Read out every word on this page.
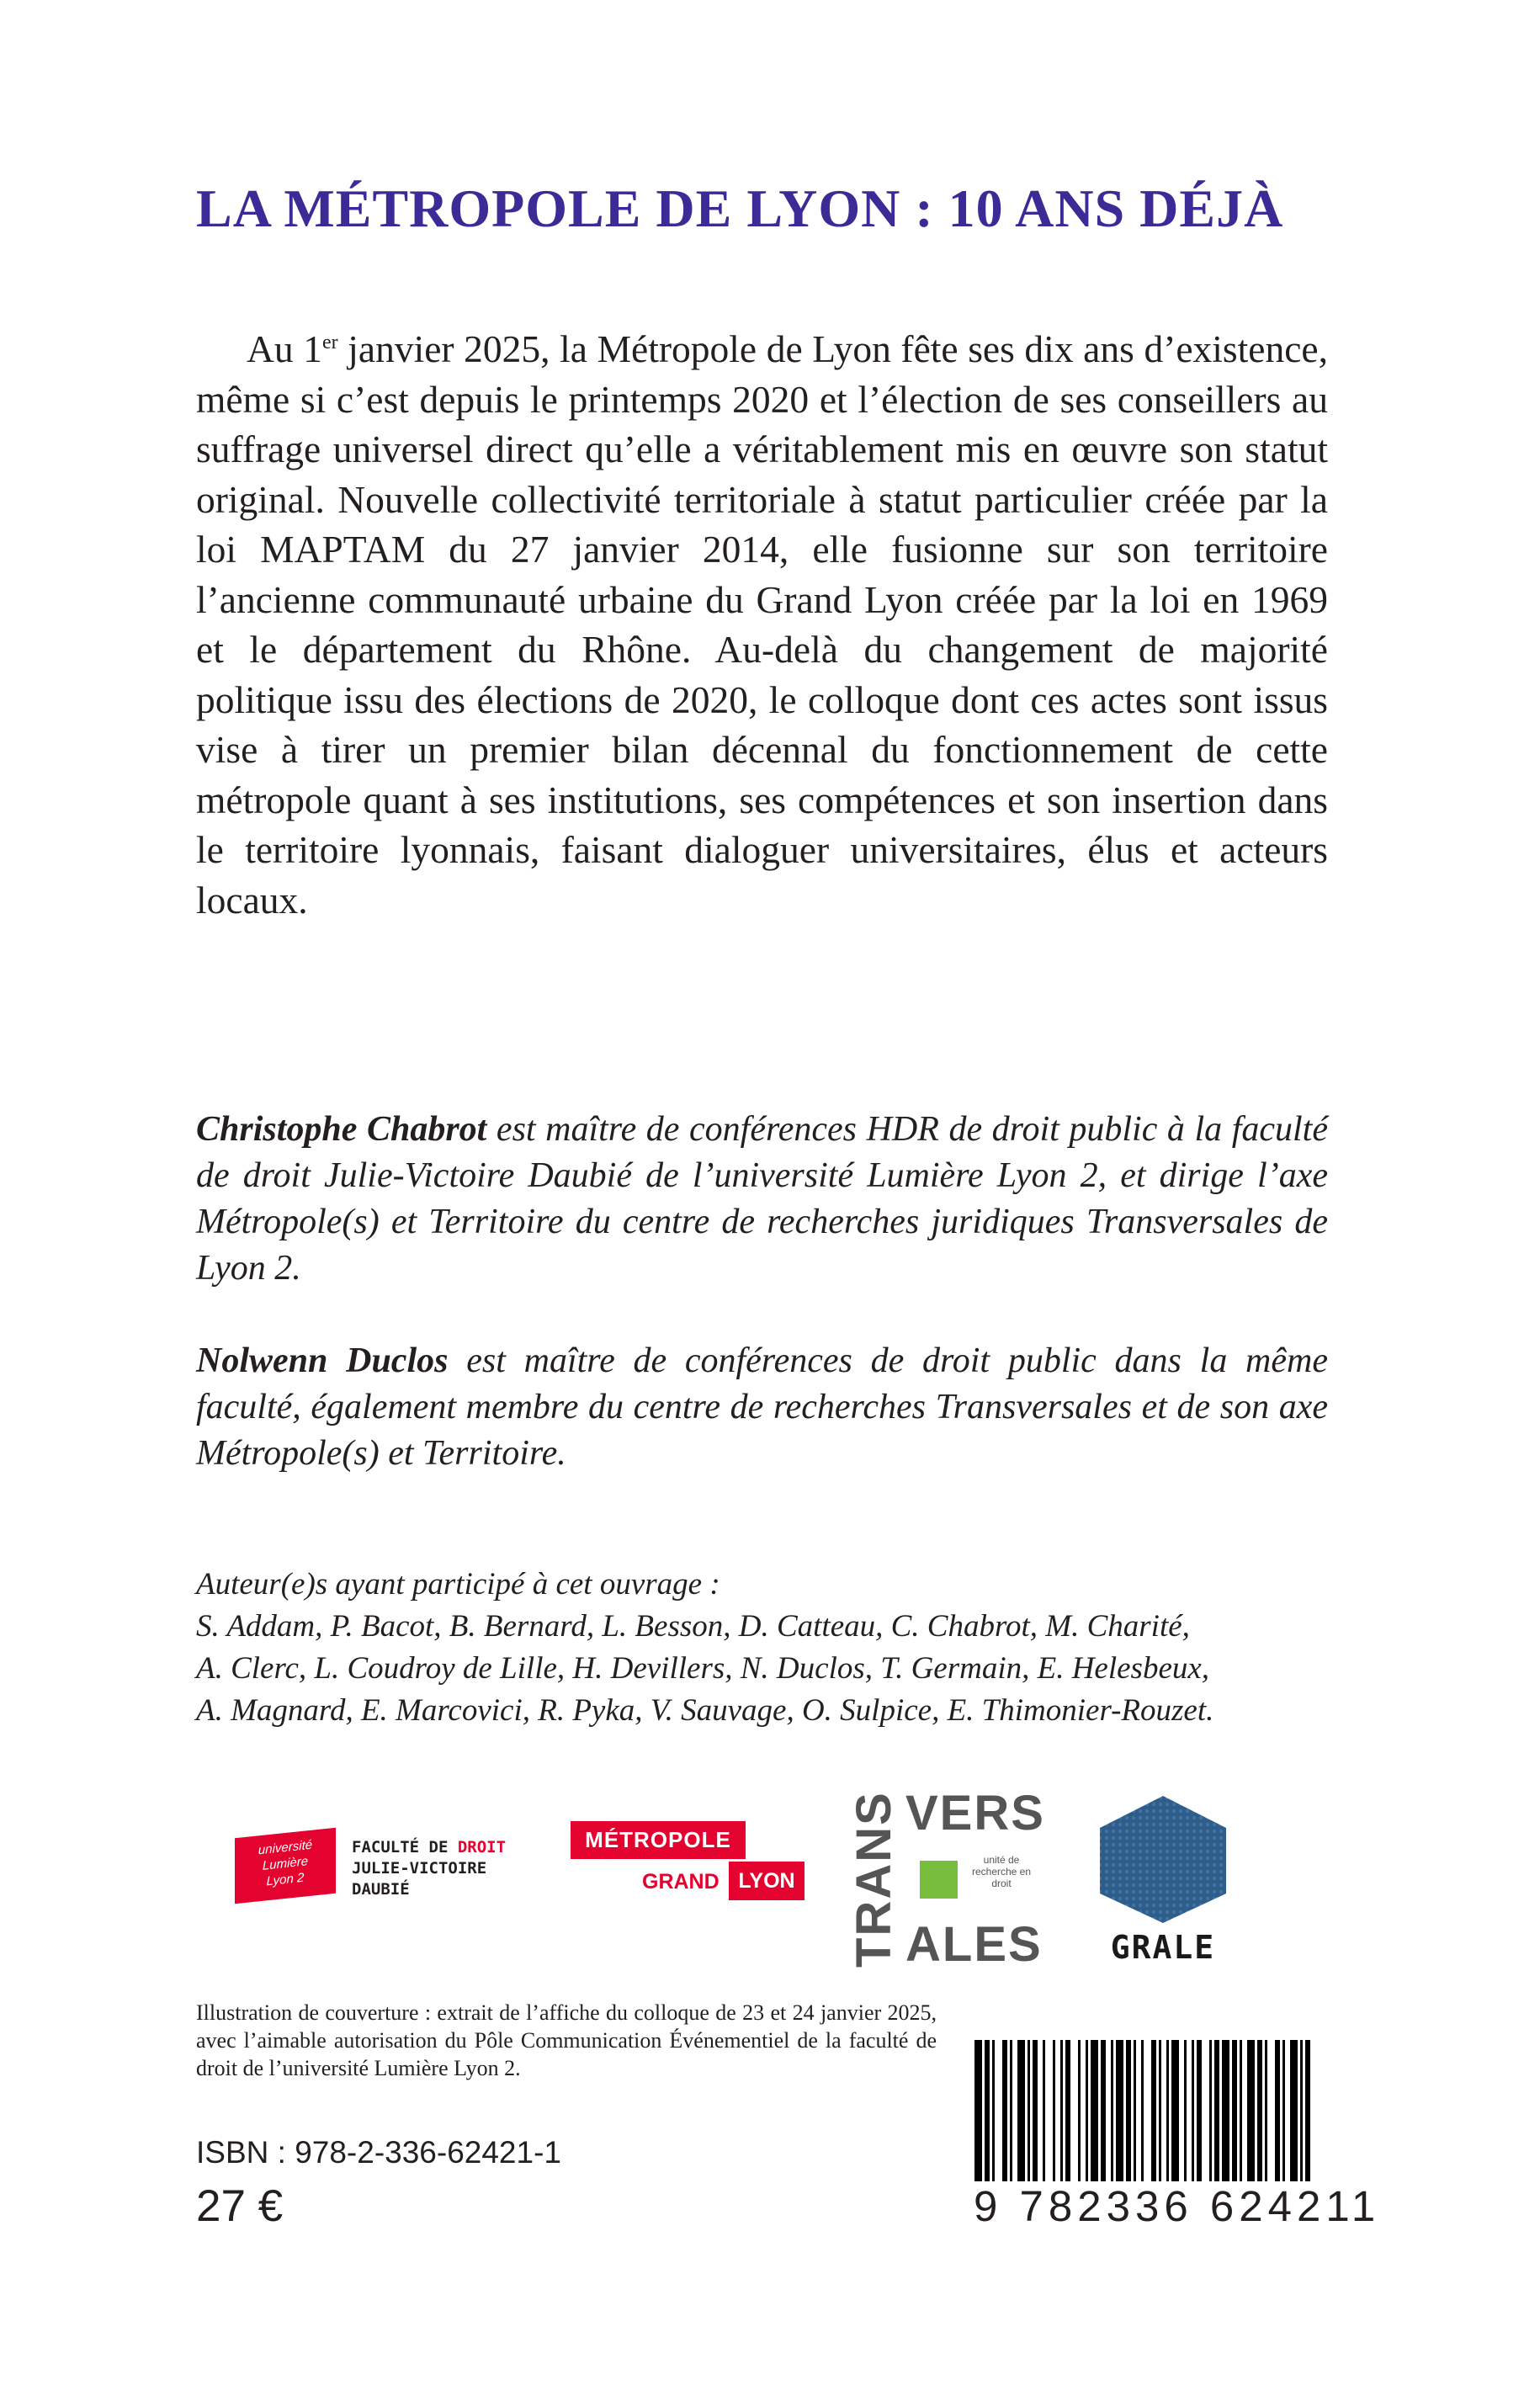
LA MÉTROPOLE DE LYON : 10 ANS DÉJÀ

Au 1er janvier 2025, la Métropole de Lyon fête ses dix ans d’existence, même si c’est depuis le printemps 2020 et l’élection de ses conseillers au suffrage universel direct qu’elle a véritablement mis en œuvre son statut original. Nouvelle collectivité territoriale à statut particulier créée par la loi MAPTAM du 27 janvier 2014, elle fusionne sur son territoire l’ancienne communauté urbaine du Grand Lyon créée par la loi en 1969 et le département du Rhône. Au-delà du changement de majorité politique issu des élections de 2020, le colloque dont ces actes sont issus vise à tirer un premier bilan décennal du fonctionnement de cette métropole quant à ses institutions, ses compétences et son insertion dans le territoire lyonnais, faisant dialoguer universitaires, élus et acteurs locaux.

Christophe Chabrot est maître de conférences HDR de droit public à la faculté de droit Julie-Victoire Daubié de l’université Lumière Lyon 2, et dirige l’axe Métropole(s) et Territoire du centre de recherches juridiques Transversales de Lyon 2.

Nolwenn Duclos est maître de conférences de droit public dans la même faculté, également membre du centre de recherches Transversales et de son axe Métropole(s) et Territoire.

Auteur(e)s ayant participé à cet ouvrage :
S. Addam, P. Bacot, B. Bernard, L. Besson, D. Catteau, C. Chabrot, M. Charité,
A. Clerc, L. Coudroy de Lille, H. Devillers, N. Duclos, T. Germain, E. Helesbeux,
A. Magnard, E. Marcovici, R. Pyka, V. Sauvage, O. Sulpice, E. Thimonier-Rouzet.
université
Lumière
Lyon 2
FACULTÉ DE DROIT
JULIE-VICTOIRE
DAUBIÉ
MÉTROPOLE
GRAND LYON TRANS VERS
unité de recherche en droit
ALES	GRALE

Illustration de couverture : extrait de l’affiche du colloque de 23 et 24 janvier 2025, avec l’aimable autorisation du Pôle Communication Événementiel de la faculté de droit de l’université Lumière Lyon 2.

ISBN : 978-2-336-62421-1
27 €	9 782336 624211
